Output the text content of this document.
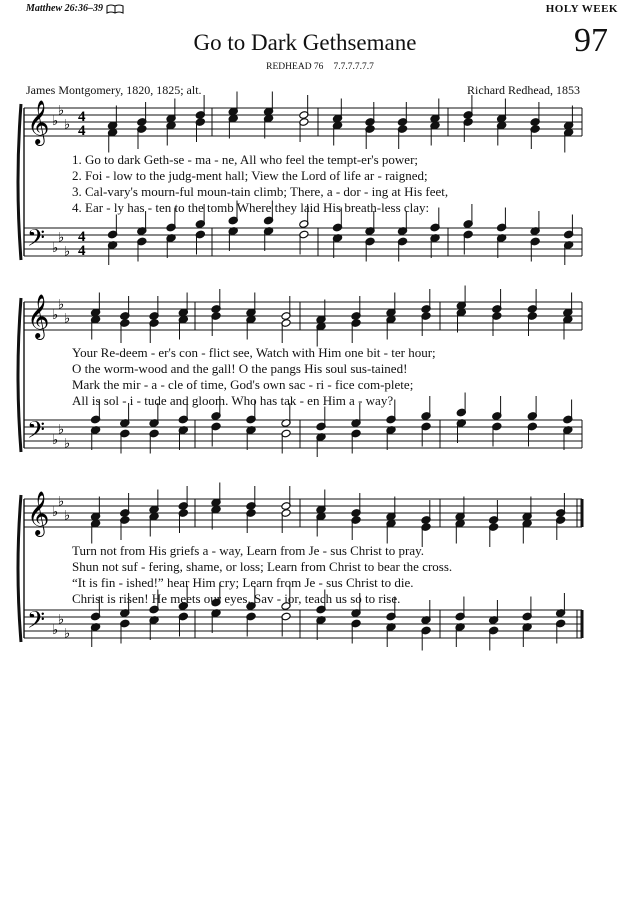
Matthew 26:36–39	HOLY WEEK
Go to Dark Gethsemane	97
REDHEAD 76 7.7.7.7.7.7
James Montgomery, 1820, 1825; alt.	Richard Redhead, 1853
𝄞
𝄢
♭
♭
♭
♭
♭
♭
4
4
4
4
𝄞
𝄢
♭
♭
♭
♭
♭
♭
𝄞
𝄢
♭
♭
♭
♭
♭
♭
1. Go to dark Geth-se - ma - ne, All who feel the tempt-er's power;
2. Foi - low to the judg-ment hall; View the Lord of life ar - raigned;
3. Cal-vary's mourn-ful moun-tain climb; There, a - dor - ing at His feet,
4. Ear - ly has - ten to the tomb Where they laid His breath-less clay:
Your Re-deem - er's con - flict see, Watch with Him one bit - ter hour;
O the worm-wood and the gall! O the pangs His soul sus-tained!
Mark the mir - a - cle of time, God's own sac - ri - fice com-plete;
All is sol - i - tude and gloom. Who has tak - en Him a - way?
Turn not from His griefs a - way, Learn from Je - sus Christ to pray.
Shun not suf - fering, shame, or loss; Learn from Christ to bear the cross.
“It is fin - ished!” hear Him cry; Learn from Je - sus Christ to die.
Christ is risen! He meets our eyes. Sav - ior, teach us so to rise.
